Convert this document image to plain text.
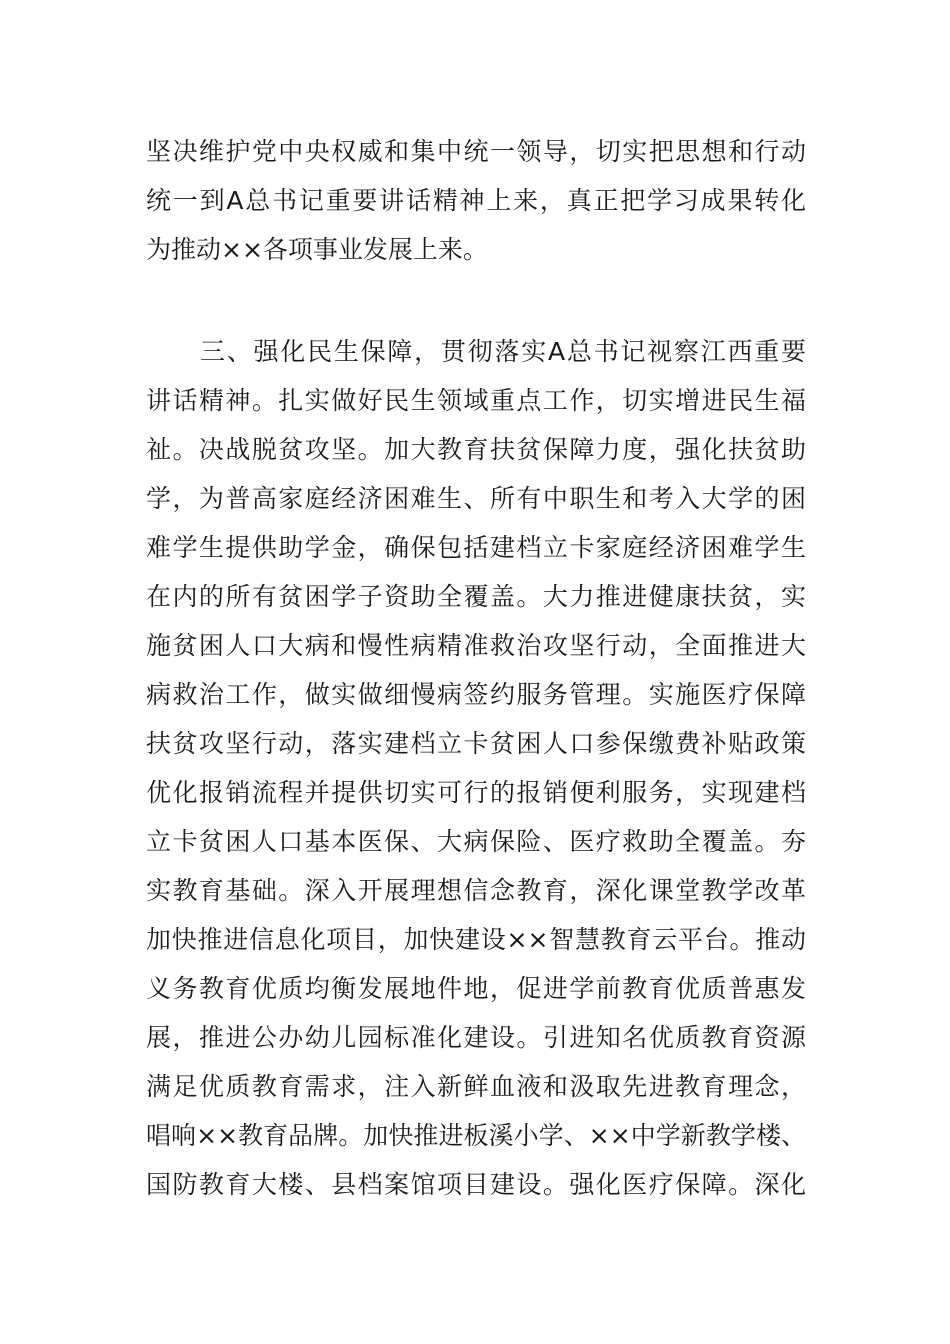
坚决维护党中央权威和集中统一领导，切实把思想和行动
统一到A总书记重要讲话精神上来，真正把学习成果转化
为推动××各项事业发展上来。
三、强化民生保障，贯彻落实A总书记视察江西重要
讲话精神。扎实做好民生领域重点工作，切实增进民生福
祉。决战脱贫攻坚。加大教育扶贫保障力度，强化扶贫助
学，为普高家庭经济困难生、所有中职生和考入大学的困
难学生提供助学金，确保包括建档立卡家庭经济困难学生
在内的所有贫困学子资助全覆盖。大力推进健康扶贫，实
施贫困人口大病和慢性病精准救治攻坚行动，全面推进大
病救治工作，做实做细慢病签约服务管理。实施医疗保障
扶贫攻坚行动，落实建档立卡贫困人口参保缴费补贴政策
优化报销流程并提供切实可行的报销便利服务，实现建档
立卡贫困人口基本医保、大病保险、医疗救助全覆盖。夯
实教育基础。深入开展理想信念教育，深化课堂教学改革
加快推进信息化项目，加快建设××智慧教育云平台。推动
义务教育优质均衡发展地件地，促进学前教育优质普惠发
展，推进公办幼儿园标准化建设。引进知名优质教育资源
满足优质教育需求，注入新鲜血液和汲取先进教育理念，
唱响××教育品牌。加快推进板溪小学、××中学新教学楼、
国防教育大楼、县档案馆项目建设。强化医疗保障。深化
